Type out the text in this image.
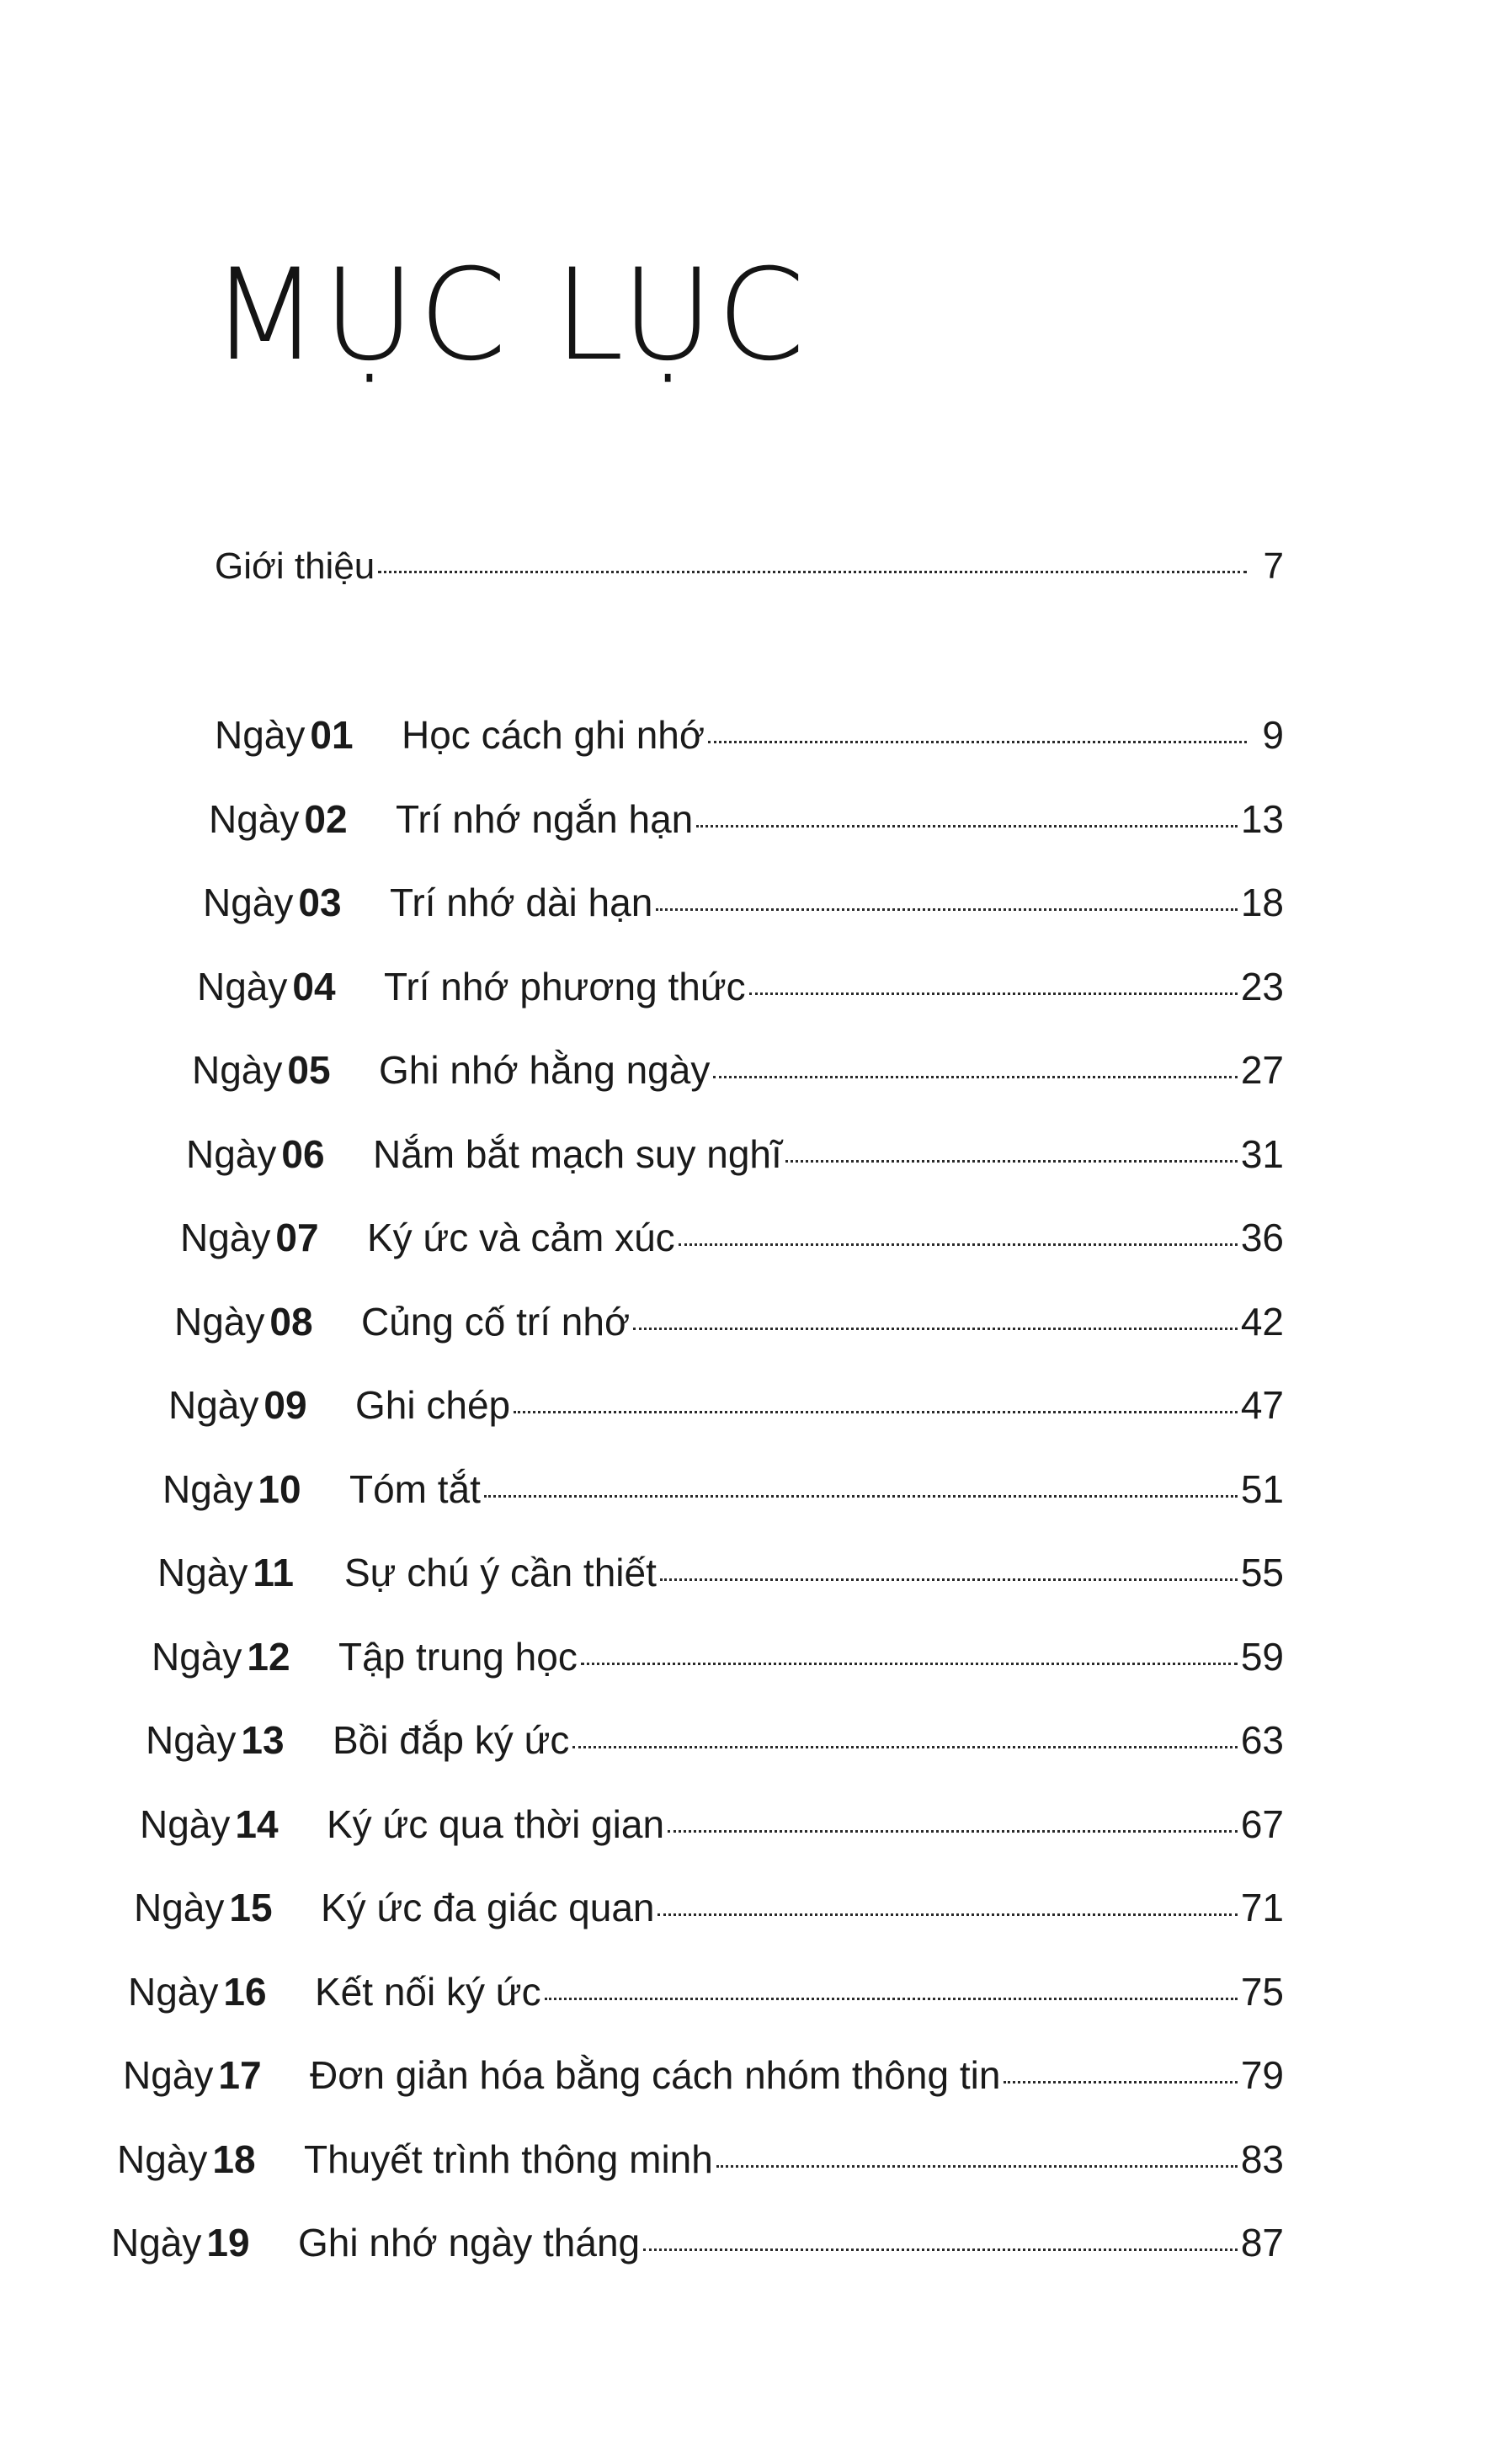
MỤC LỤC
Giới thiệu	7
Ngày 01	Học cách ghi nhớ	9
Ngày 02	Trí nhớ ngắn hạn	13
Ngày 03	Trí nhớ dài hạn	18
Ngày 04	Trí nhớ phương thức	23
Ngày 05	Ghi nhớ hằng ngày	27
Ngày 06	Nắm bắt mạch suy nghĩ	31
Ngày 07	Ký ức và cảm xúc	36
Ngày 08	Củng cố trí nhớ	42
Ngày 09	Ghi chép	47
Ngày 10	Tóm tắt	51
Ngày 11	Sự chú ý cần thiết	55
Ngày 12	Tập trung học	59
Ngày 13	Bồi đắp ký ức	63
Ngày 14	Ký ức qua thời gian	67
Ngày 15	Ký ức đa giác quan	71
Ngày 16	Kết nối ký ức	75
Ngày 17	Đơn giản hóa bằng cách nhóm thông tin	79
Ngày 18	Thuyết trình thông minh	83
Ngày 19	Ghi nhớ ngày tháng	87
